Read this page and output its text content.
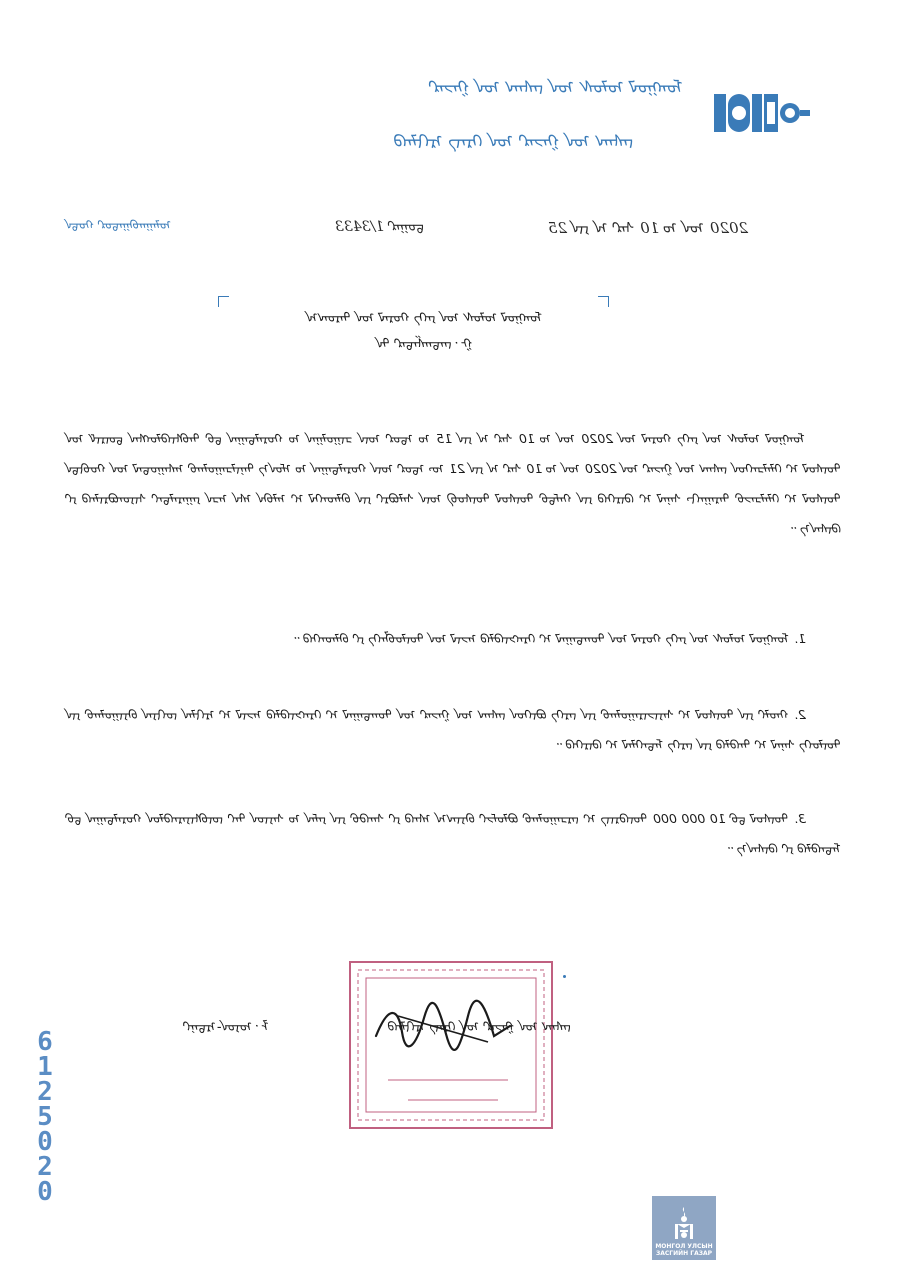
ᠮᠣᠩᠭᠣᠯ ᠤᠯᠤᠰ ᠤᠨ ᠵᠠᠰᠠᠭ ᠤᠨ ᠭᠠᠵᠠᠷ
ᠵᠠᠰᠠᠭ ᠤᠨ ᠭᠠᠵᠠᠷ ᠤᠨ ᠬᠡᠷᠡᠭ ᠡᠷᠬᠢᠯᠡᠬᠦ
2020 ᠣᠨ ᠤ 10 ᠰᠠᠷ ᠠ ᠶᠢᠨ 25
ᠳ᠋ᠤᠭᠠᠷ 1/3433
ᠤᠯᠠᠭᠠᠨᠪᠠᠭᠠᠲᠤᠷ ᠬᠣᠲᠠ
ᠮᠣᠩᠭᠣᠯ ᠤᠯᠤᠰ ᠤᠨ ᠶᠡᠬᠡ ᠬᠤᠷᠠᠯ ᠤᠨ ᠳᠠᠷᠤᠭ᠎ᠠ
ᠭ᠂ ᠵᠠᠨᠳᠠᠨᠱᠠᠲᠠᠷ ᠲᠠ

ᠮᠣᠩᠭᠣᠯ ᠤᠯᠤᠰ ᠤᠨ ᠶᠡᠬᠡ ᠬᠤᠷᠠᠯ ᠤᠨ 2020 ᠣᠨ ᠤ 10 ᠰᠠᠷ ᠠ ᠶᠢᠨ 15 ᠤ ᠡᠳᠦᠷ ᠦᠨ ᠴᠢᠭᠤᠯᠭᠠᠨ ᠤ ᠬᠤᠷᠠᠯᠳᠠᠭᠠᠨ ᠳ᠋ᠤ ᠳᠡᠪᠰᠢᠭᠦᠯᠦᠭᠰᠡᠨ ᠳ᠋ᠦᠷᠢᠮ ᠤᠨ ᠲᠥᠰᠥᠯ ᠢ ᠬᠡᠯᠡᠯᠴᠡᠭᠡᠳ ᠵᠠᠰᠠᠭ ᠤᠨ ᠭᠠᠵᠠᠷ ᠤᠨ 2020 ᠣᠨ ᠤ 10 ᠰᠠᠷ ᠠ ᠶᠢᠨ 21 ᠦ ᠡᠳᠦᠷ ᠦᠨ ᠬᠤᠷᠠᠯᠳᠠᠭᠠᠨ ᠤ ᠡᠮᠦᠨ᠎ᠡ ᠲᠠᠨᠢᠯᠴᠠᠭᠤᠯᠬᠤ ᠠᠰᠠᠭᠤᠳᠠᠯ ᠤᠨ ᠬᠤᠪᠢᠳᠠ ᠲᠥᠰᠥᠯ ᠢ ᠬᠡᠯᠡᠯᠴᠡᠵᠦ ᠳᠠᠷᠠᠭᠠᠬᠢ ᠰᠠᠨᠠᠯ ᠢ ᠬᠦᠷᠭᠡᠬᠦ ᠶᠢᠨ ᠬᠠᠮᠲᠤ ᠲᠥᠰᠥᠯ ᠲᠥᠰᠥᠪ ᠦᠨ ᠰᠠᠯᠪᠤᠷᠢ ᠶᠢᠨ ᠪᠡᠯᠡᠳᠬᠡᠯ ᠢ ᠠᠯᠪᠠᠨ ᠡᠰᠡ ᠠᠴᠠ ᠶᠠᠭᠠᠷᠠᠯᠲᠠᠢ ᠰᠢᠶᠳᠪᠦᠷᠢᠯᠡᠬᠦ ᠶᠢ ᠬᠦᠰᠡᠨ᠎ᠡ᠃

1. ᠮᠣᠩᠭᠣᠯ ᠤᠯᠤᠰ ᠤᠨ ᠶᠡᠬᠡ ᠬᠤᠷᠠᠯ ᠤᠨ ᠲᠣᠭᠲᠠᠭᠠᠯ ᠢ ᠬᠡᠷᠡᠭᠵᠢᠭᠦᠯᠬᠦ ᠠᠵᠢᠯ ᠤᠨ ᠲᠥᠯᠥᠪᠯᠡᠭᠡ ᠶᠢ ᠪᠡᠯᠡᠳᠬᠡᠬᠦ᠃

2. ᠬᠠᠤᠯᠢ ᠶᠢᠨ ᠲᠥᠰᠥᠯ ᠢ ᠰᠠᠶᠢᠵᠢᠷᠠᠭᠤᠯᠬᠤ ᠶᠢᠨ ᠵᠡᠷᠭᠡ ᠪᠥᠭᠡᠳ ᠵᠠᠰᠠᠭ ᠤᠨ ᠭᠠᠵᠠᠷ ᠤᠨ ᠲᠣᠭᠲᠠᠭᠠᠯ ᠢ ᠬᠡᠷᠡᠭᠵᠢᠭᠦᠯᠬᠦ ᠠᠵᠢᠯ ᠢ ᠡᠷᠬᠢᠯᠡᠨ ᠵᠣᠬᠢᠶᠠᠨ ᠪᠠᠶᠢᠭᠤᠯᠬᠤ ᠶᠢᠨ ᠲᠥᠯᠥᠭᠡ ᠰᠠᠨᠠᠯ ᠢ ᠲᠡᠭᠦᠯᠬᠦ ᠶᠢᠨ ᠵᠡᠷᠭᠡ ᠮᠡᠳᠡᠭᠡᠯᠡᠯ ᠢ ᠬᠦᠷᠭᠡᠬᠦ᠃

3. ᠲᠥᠰᠥᠯ ᠳ᠋ᠤ 10 000 000 ᠲᠥᠭᠦᠷᠢᠭ ᠢ ᠵᠠᠷᠴᠠᠭᠤᠯᠬᠤ ᠪᠣᠯᠤᠮᠵᠢ ᠪᠠᠶᠢᠭ᠎ᠠ ᠡᠰᠡᠬᠦ ᠶᠢ ᠰᠠᠨᠬᠦᠦ ᠶᠢᠨ ᠶᠠᠮᠠᠨ ᠤ ᠰᠠᠶᠢᠳ ᠲᠠᠢ ᠵᠥᠪᠰᠢᠶᠡᠷᠡᠭᠦᠯᠦᠨ ᠬᠤᠷᠠᠯᠳᠠᠭᠠᠨ ᠳ᠋ᠤ ᠮᠡᠳᠡᠭᠦᠯᠬᠦ ᠶᠢ ᠬᠦᠰᠡᠨ᠎ᠡ᠃

ᠵᠠᠰᠠᠭ ᠤᠨ ᠭᠠᠵᠠᠷ ᠤᠨ ᠬᠡᠷᠡᠭ ᠡᠷᠬᠢᠯᠡᠬᠦ  ᠯ᠂ ᠣᠶᠤᠨ-ᠡᠷᠳᠡᠨᠢ
6125020
МОНГОЛ УЛСЫН
ЗАСГИЙН ГАЗАР
